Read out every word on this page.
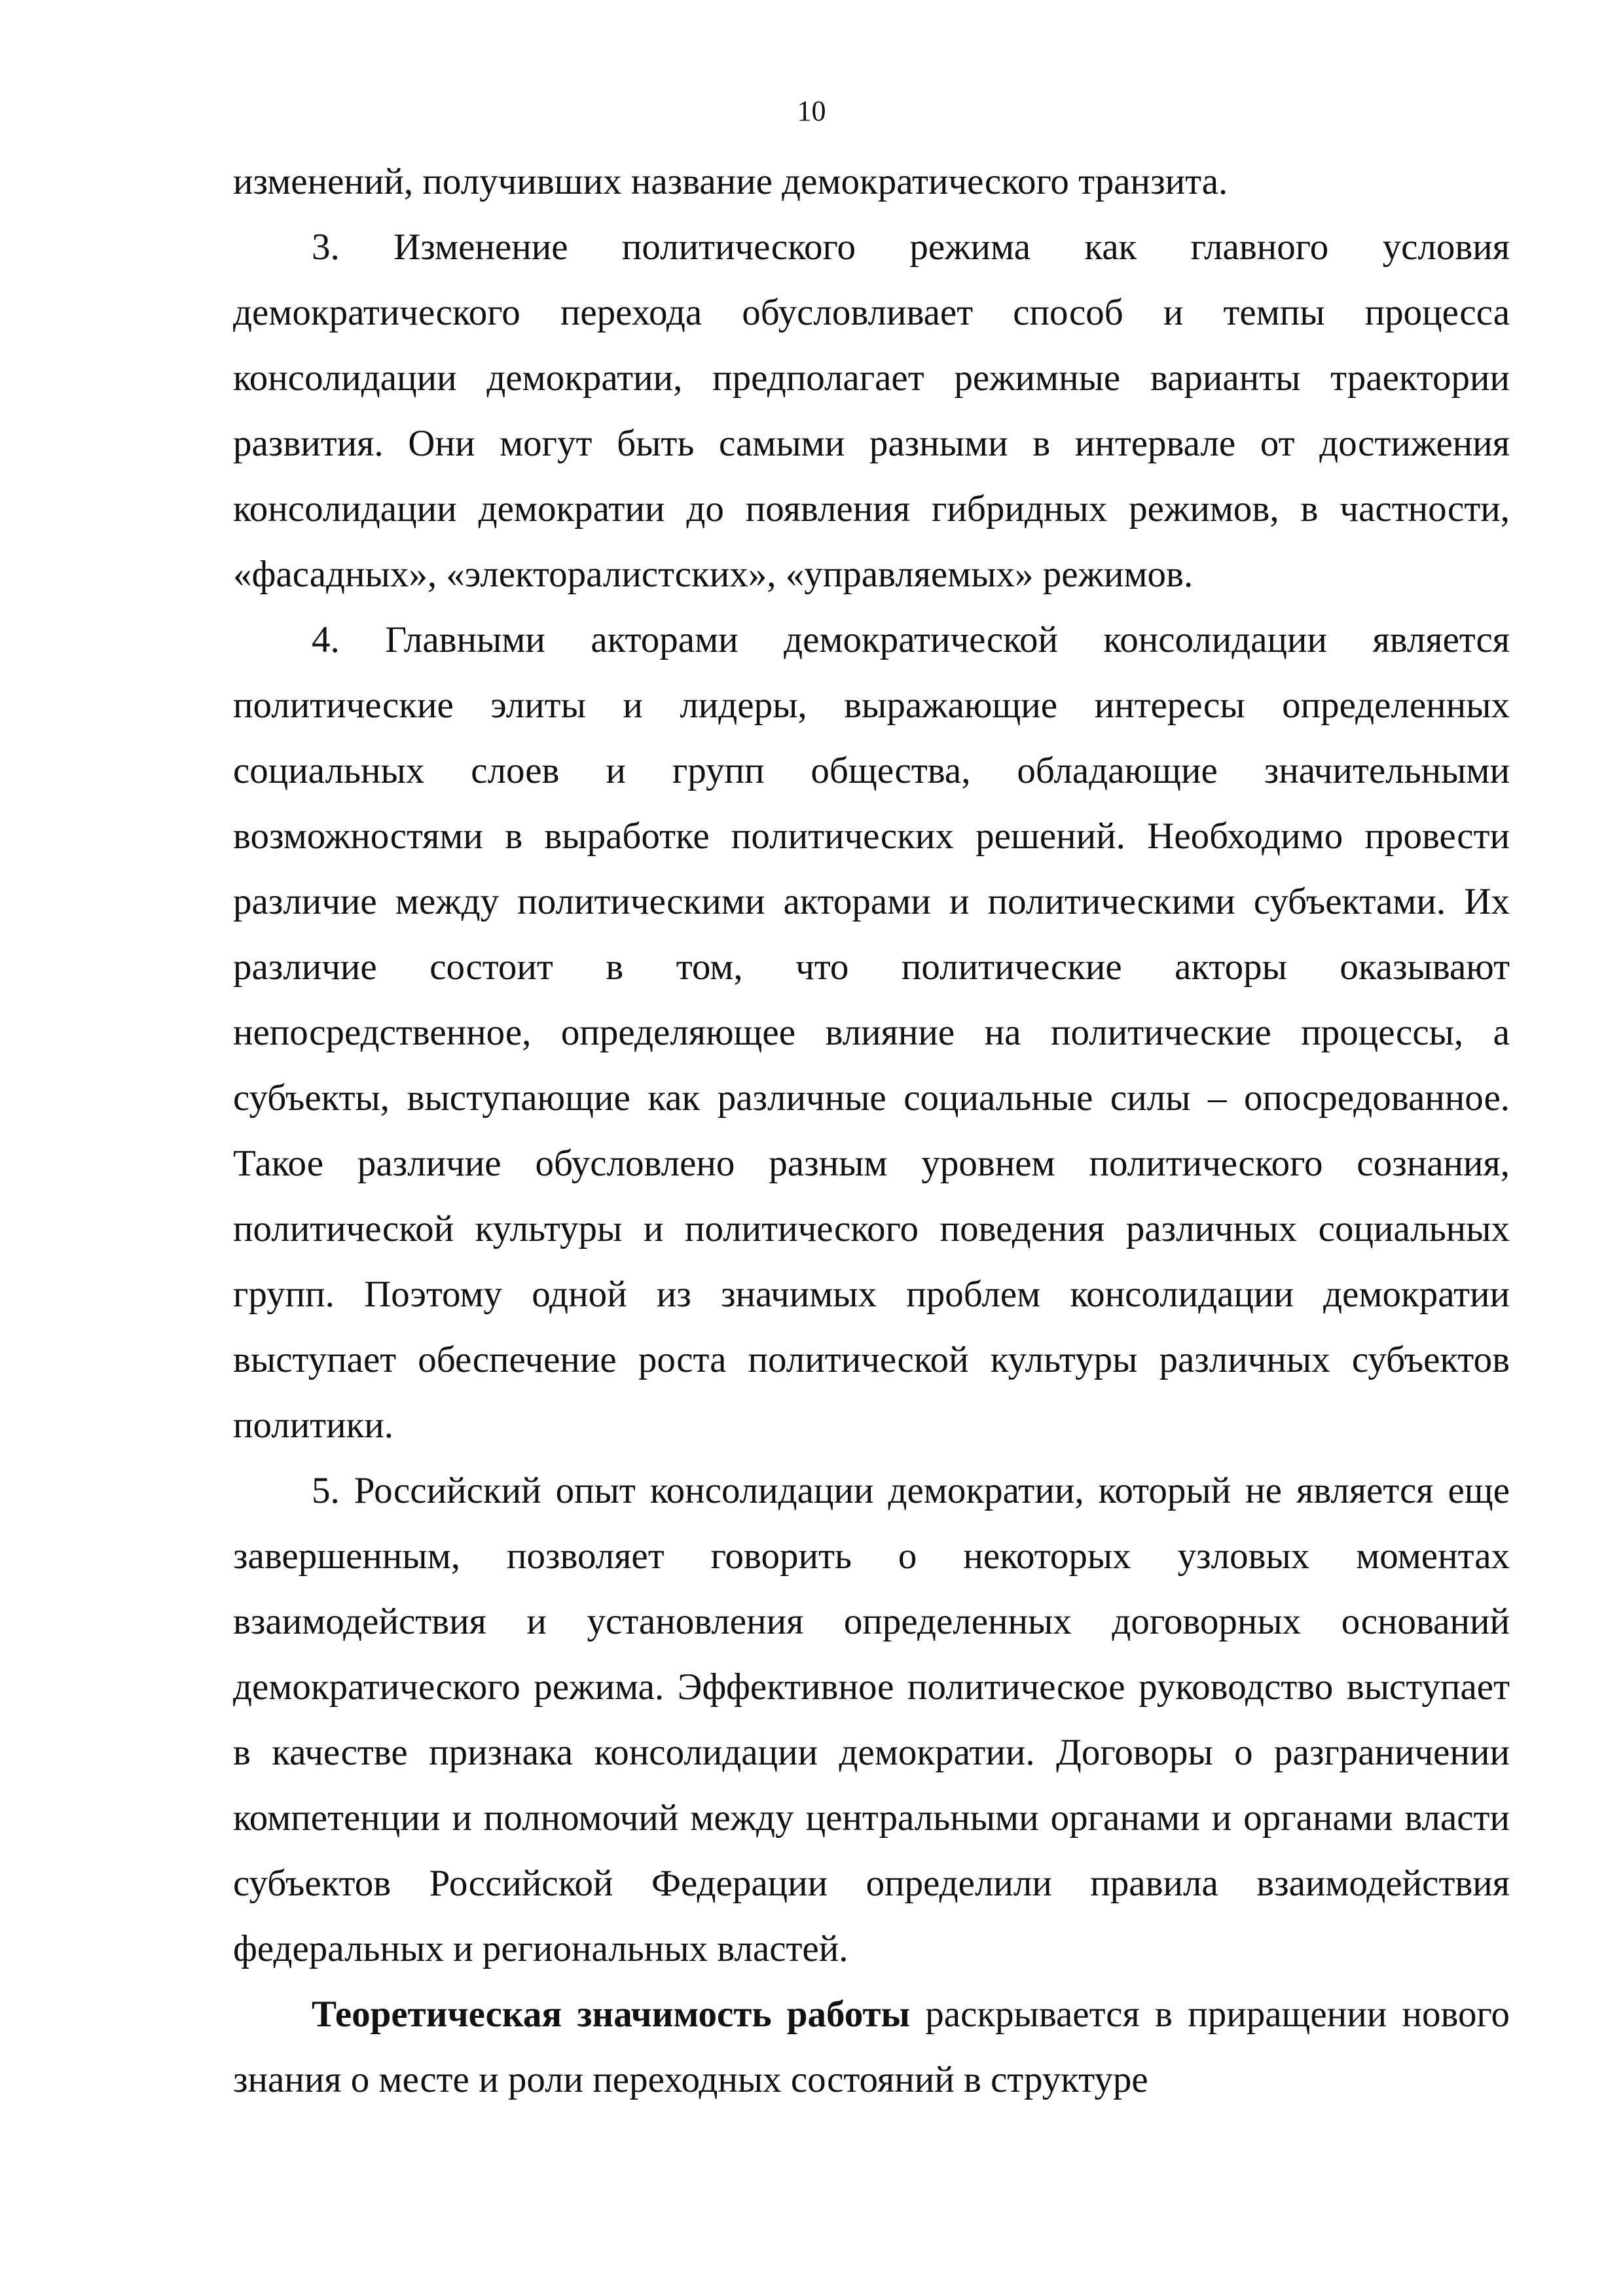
10

изменений, получивших название демократического транзита.

3. Изменение политического режима как главного условия демократического перехода обусловливает способ и темпы процесса консолидации демократии, предполагает режимные варианты траектории развития. Они могут быть самыми разными в интервале от достижения консолидации демократии до появления гибридных режимов, в частности, «фасадных», «электоралистских», «управляемых» режимов.

4. Главными акторами демократической консолидации является политические элиты и лидеры, выражающие интересы определенных социальных слоев и групп общества, обладающие значительными возможностями в выработке политических решений. Необходимо провести различие между политическими акторами и политическими субъектами. Их различие состоит в том, что политические акторы оказывают непосредственное, определяющее влияние на политические процессы, а субъекты, выступающие как различные социальные силы – опосредованное. Такое различие обусловлено разным уровнем политического сознания, политической культуры и политического поведения различных социальных групп. Поэтому одной из значимых проблем консолидации демократии выступает обеспечение роста политической культуры различных субъектов политики.

5. Российский опыт консолидации демократии, который не является еще завершенным, позволяет говорить о некоторых узловых моментах взаимодействия и установления определенных договорных оснований демократического режима. Эффективное политическое руководство выступает в качестве признака консолидации демократии. Договоры о разграничении компетенции и полномочий между центральными органами и органами власти субъектов Российской Федерации определили правила взаимодействия федеральных и региональных властей.

Теоретическая значимость работы раскрывается в приращении нового знания о месте и роли переходных состояний в структуре
